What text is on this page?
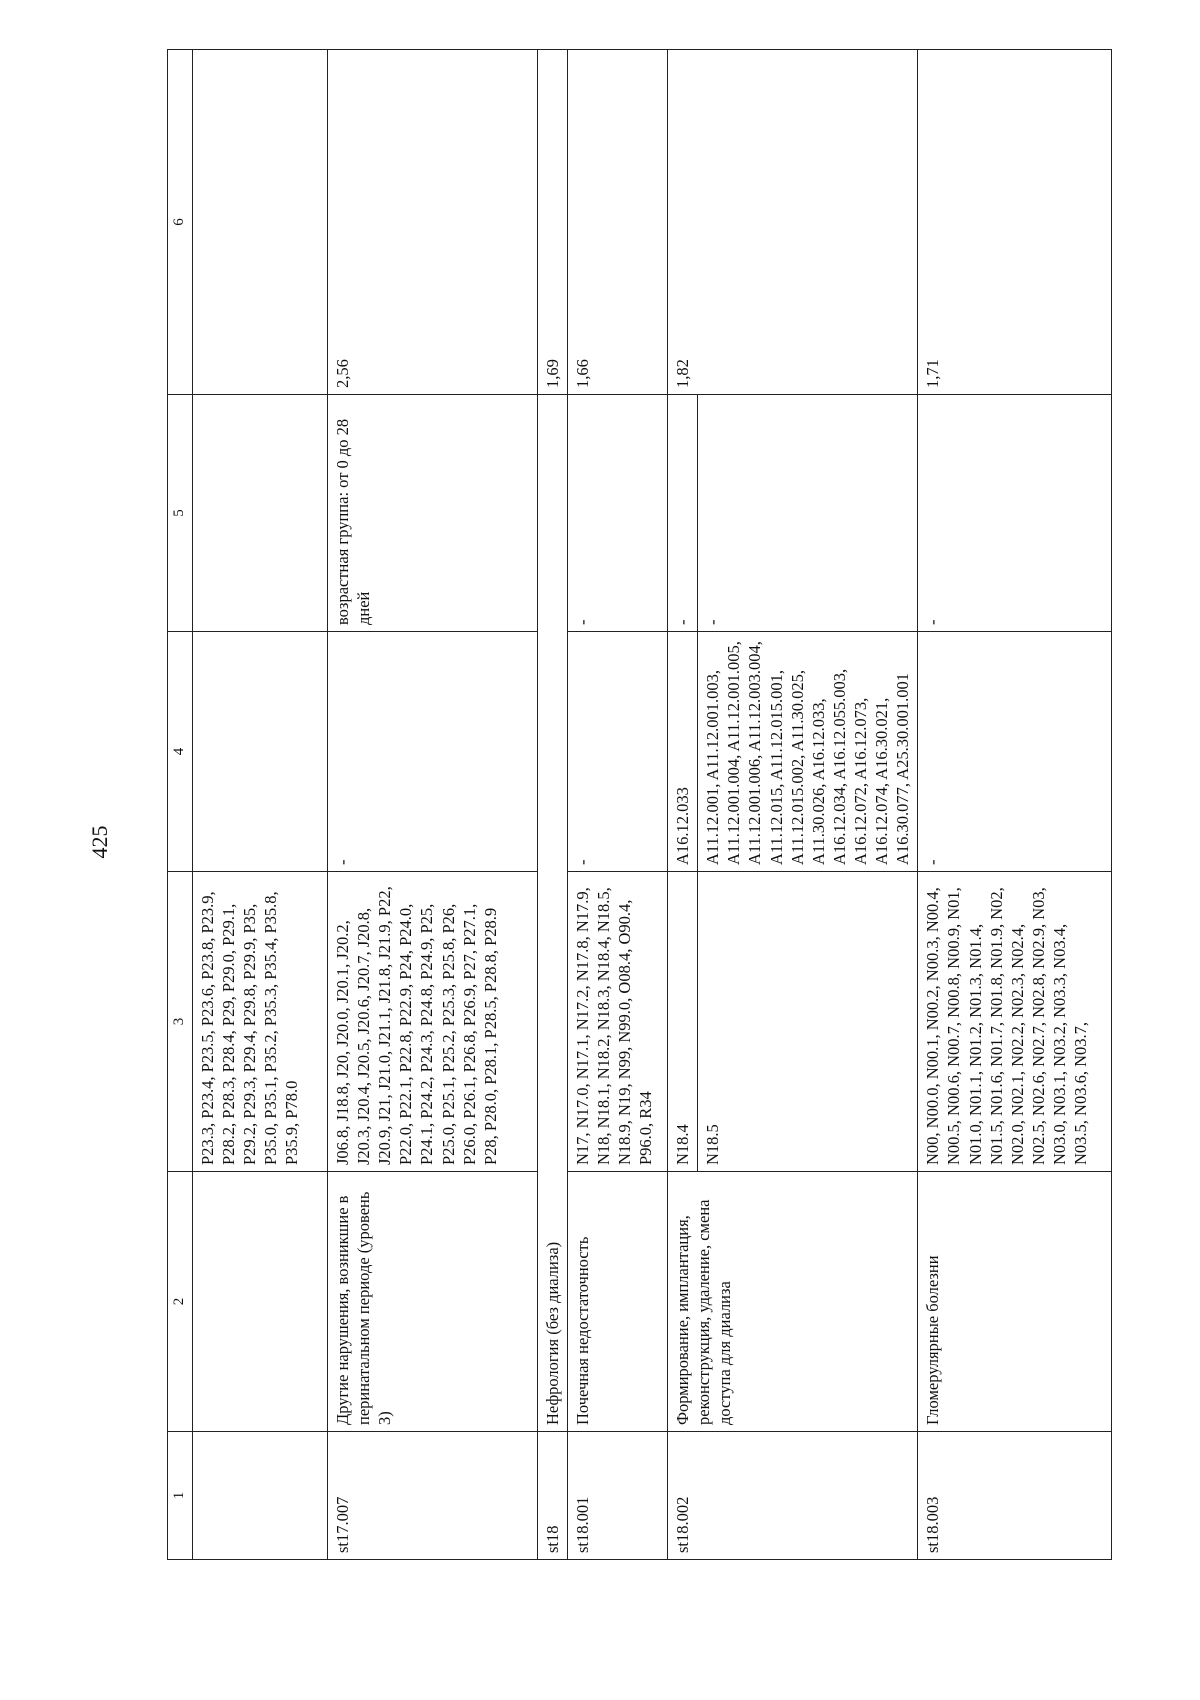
425
1	2	3	4	5	6
		P23.3, P23.4, P23.5, P23.6, P23.8, P23.9, P28.2, P28.3, P28.4, P29, P29.0, P29.1, P29.2, P29.3, P29.4, P29.8, P29.9, P35, P35.0, P35.1, P35.2, P35.3, P35.4, P35.8, P35.9, P78.0			
st17.007	Другие нарушения, возникшие в перинатальном периоде (уровень 3)	J06.8, J18.8, J20, J20.0, J20.1, J20.2, J20.3, J20.4, J20.5, J20.6, J20.7, J20.8, J20.9, J21, J21.0, J21.1, J21.8, J21.9, P22, P22.0, P22.1, P22.8, P22.9, P24, P24.0, P24.1, P24.2, P24.3, P24.8, P24.9, P25, P25.0, P25.1, P25.2, P25.3, P25.8, P26, P26.0, P26.1, P26.8, P26.9, P27, P27.1, P28, P28.0, P28.1, P28.5, P28.8, P28.9	-	возрастная группа: от 0 до 28 дней	2,56
st18	Нефрология (без диализа)				1,69
st18.001	Почечная недостаточность	N17, N17.0, N17.1, N17.2, N17.8, N17.9, N18, N18.1, N18.2, N18.3, N18.4, N18.5, N18.9, N19, N99, N99.0, O08.4, O90.4, P96.0, R34	-	-	1,66
st18.002	Формирование, имплантация, реконструкция, удаление, смена доступа для диализа	N18.4	A16.12.033	-	1,82
		N18.5	A11.12.001, A11.12.001.003, A11.12.001.004, A11.12.001.005, A11.12.001.006, A11.12.003.004, A11.12.015, A11.12.015.001, A11.12.015.002, A11.30.025, A11.30.026, A16.12.033, A16.12.034, A16.12.055.003, A16.12.072, A16.12.073, A16.12.074, A16.30.021, A16.30.077, A25.30.001.001	-	
st18.003	Гломерулярные болезни	N00, N00.0, N00.1, N00.2, N00.3, N00.4, N00.5, N00.6, N00.7, N00.8, N00.9, N01, N01.0, N01.1, N01.2, N01.3, N01.4, N01.5, N01.6, N01.7, N01.8, N01.9, N02, N02.0, N02.1, N02.2, N02.3, N02.4, N02.5, N02.6, N02.7, N02.8, N02.9, N03, N03.0, N03.1, N03.2, N03.3, N03.4, N03.5, N03.6, N03.7,	-	-	1,71
